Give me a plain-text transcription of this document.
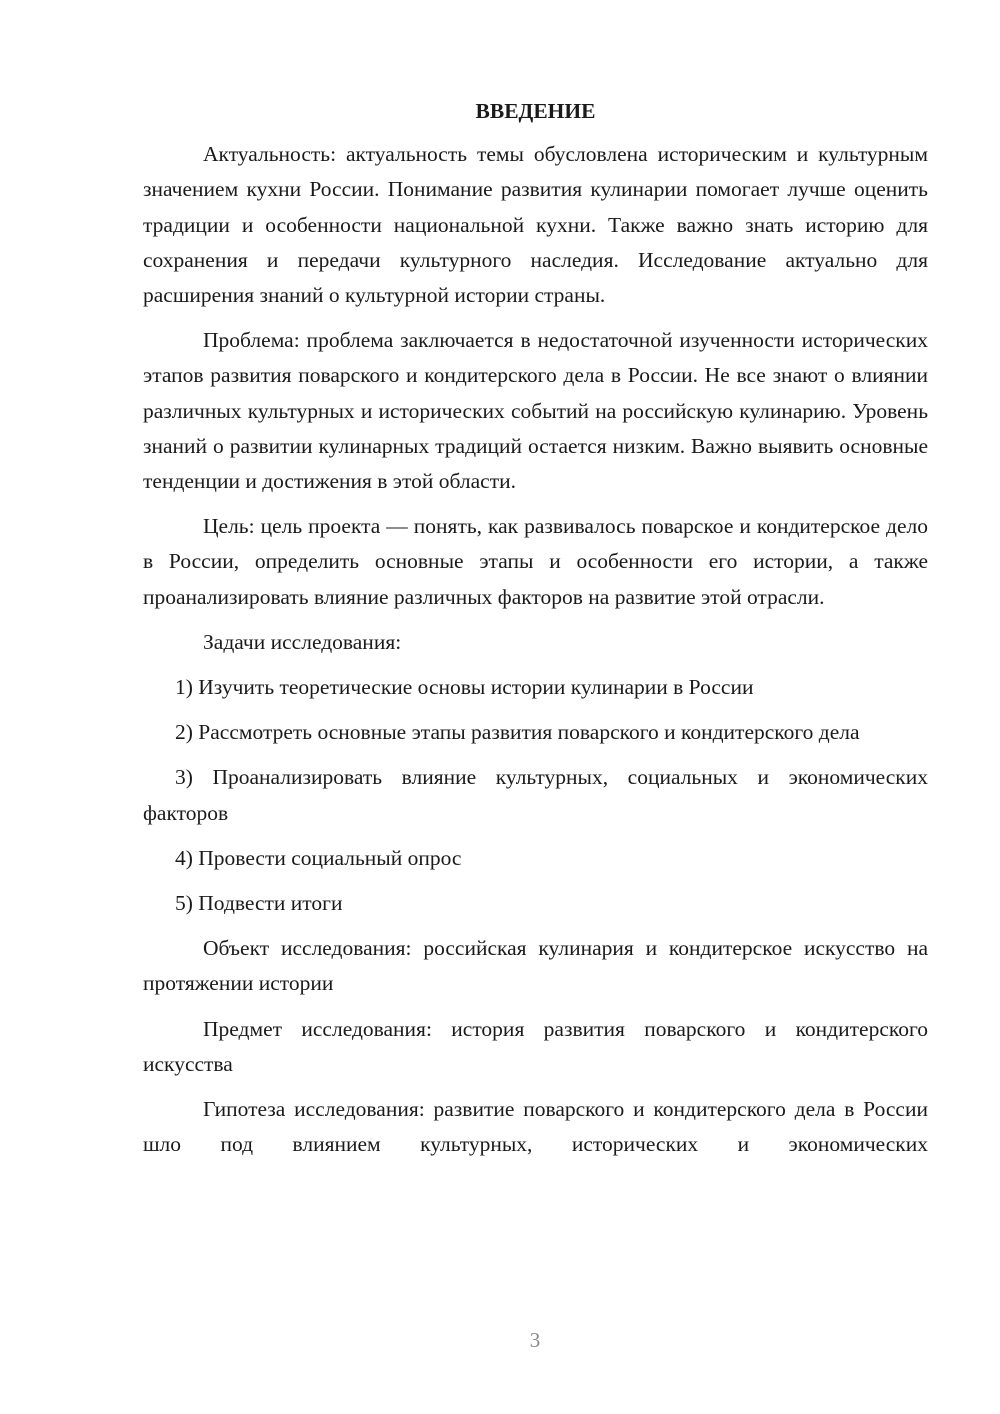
ВВЕДЕНИЕ

Актуальность: актуальность темы обусловлена историческим и культурным значением кухни России. Понимание развития кулинарии помогает лучше оценить традиции и особенности национальной кухни. Также важно знать историю для сохранения и передачи культурного наследия. Исследование актуально для расширения знаний о культурной истории страны.

Проблема: проблема заключается в недостаточной изученности исторических этапов развития поварского и кондитерского дела в России. Не все знают о влиянии различных культурных и исторических событий на российскую кулинарию. Уровень знаний о развитии кулинарных традиций остается низким. Важно выявить основные тенденции и достижения в этой области.

Цель: цель проекта — понять, как развивалось поварское и кондитерское дело в России, определить основные этапы и особенности его истории, а также проанализировать влияние различных факторов на развитие этой отрасли.

Задачи исследования:

1) Изучить теоретические основы истории кулинарии в России

2) Рассмотреть основные этапы развития поварского и кондитерского дела

3) Проанализировать влияние культурных, социальных и экономических факторов

4) Провести социальный опрос

5) Подвести итоги

Объект исследования: российская кулинария и кондитерское искусство на протяжении истории

Предмет исследования: история развития поварского и кондитерского искусства

Гипотеза исследования: развитие поварского и кондитерского дела в России шло под влиянием культурных, исторических и экономических

3
